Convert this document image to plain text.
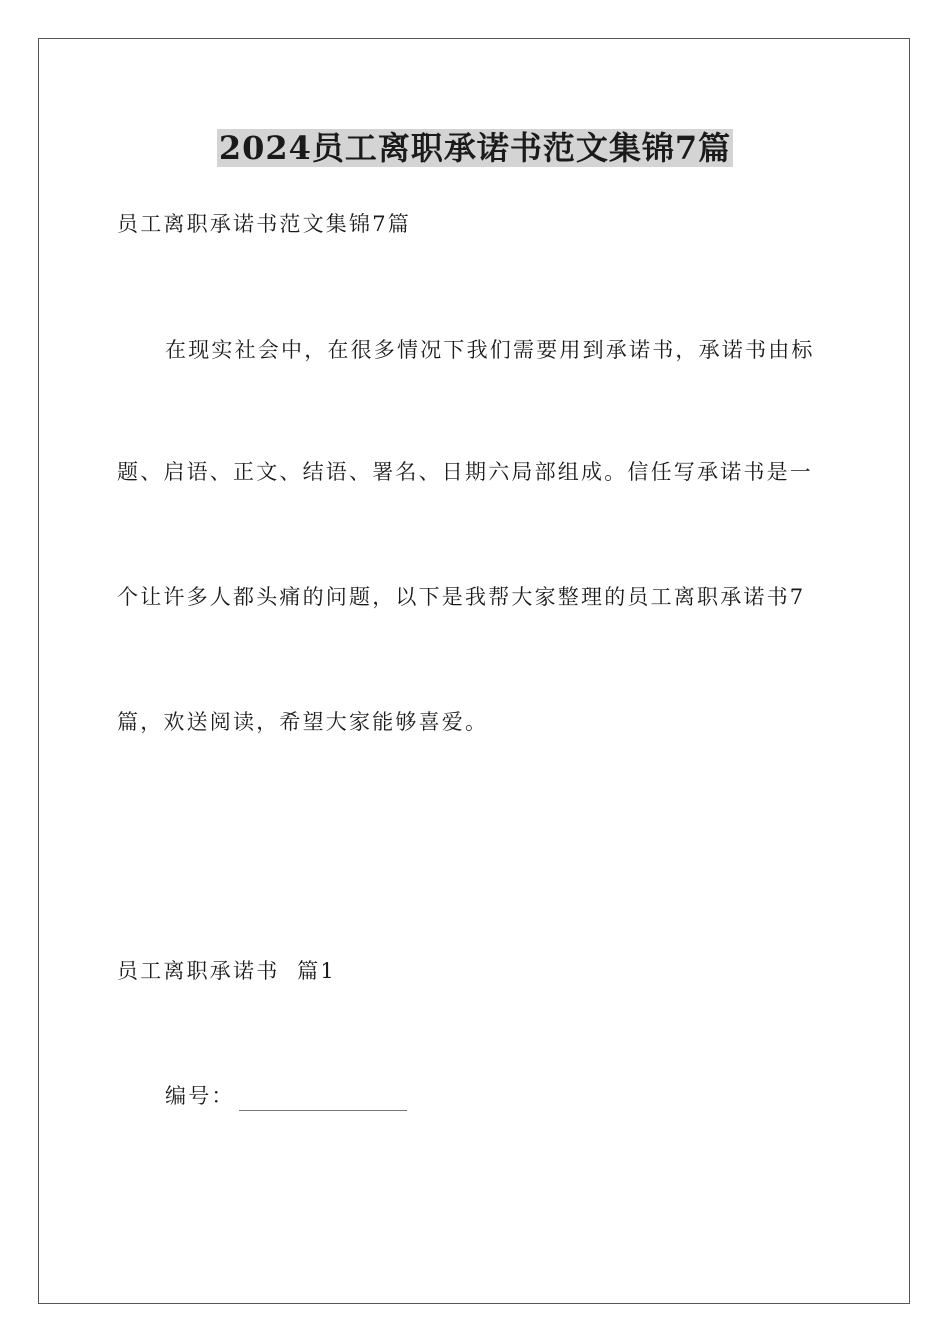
2024员工离职承诺书范文集锦7篇
员工离职承诺书范文集锦7篇
在现实社会中，在很多情况下我们需要用到承诺书，承诺书由标
题、启语、正文、结语、署名、日期六局部组成。信任写承诺书是一
个让许多人都头痛的问题，以下是我帮大家整理的员工离职承诺书7
篇，欢送阅读，希望大家能够喜爱。
员工离职承诺书  篇1
编号：
